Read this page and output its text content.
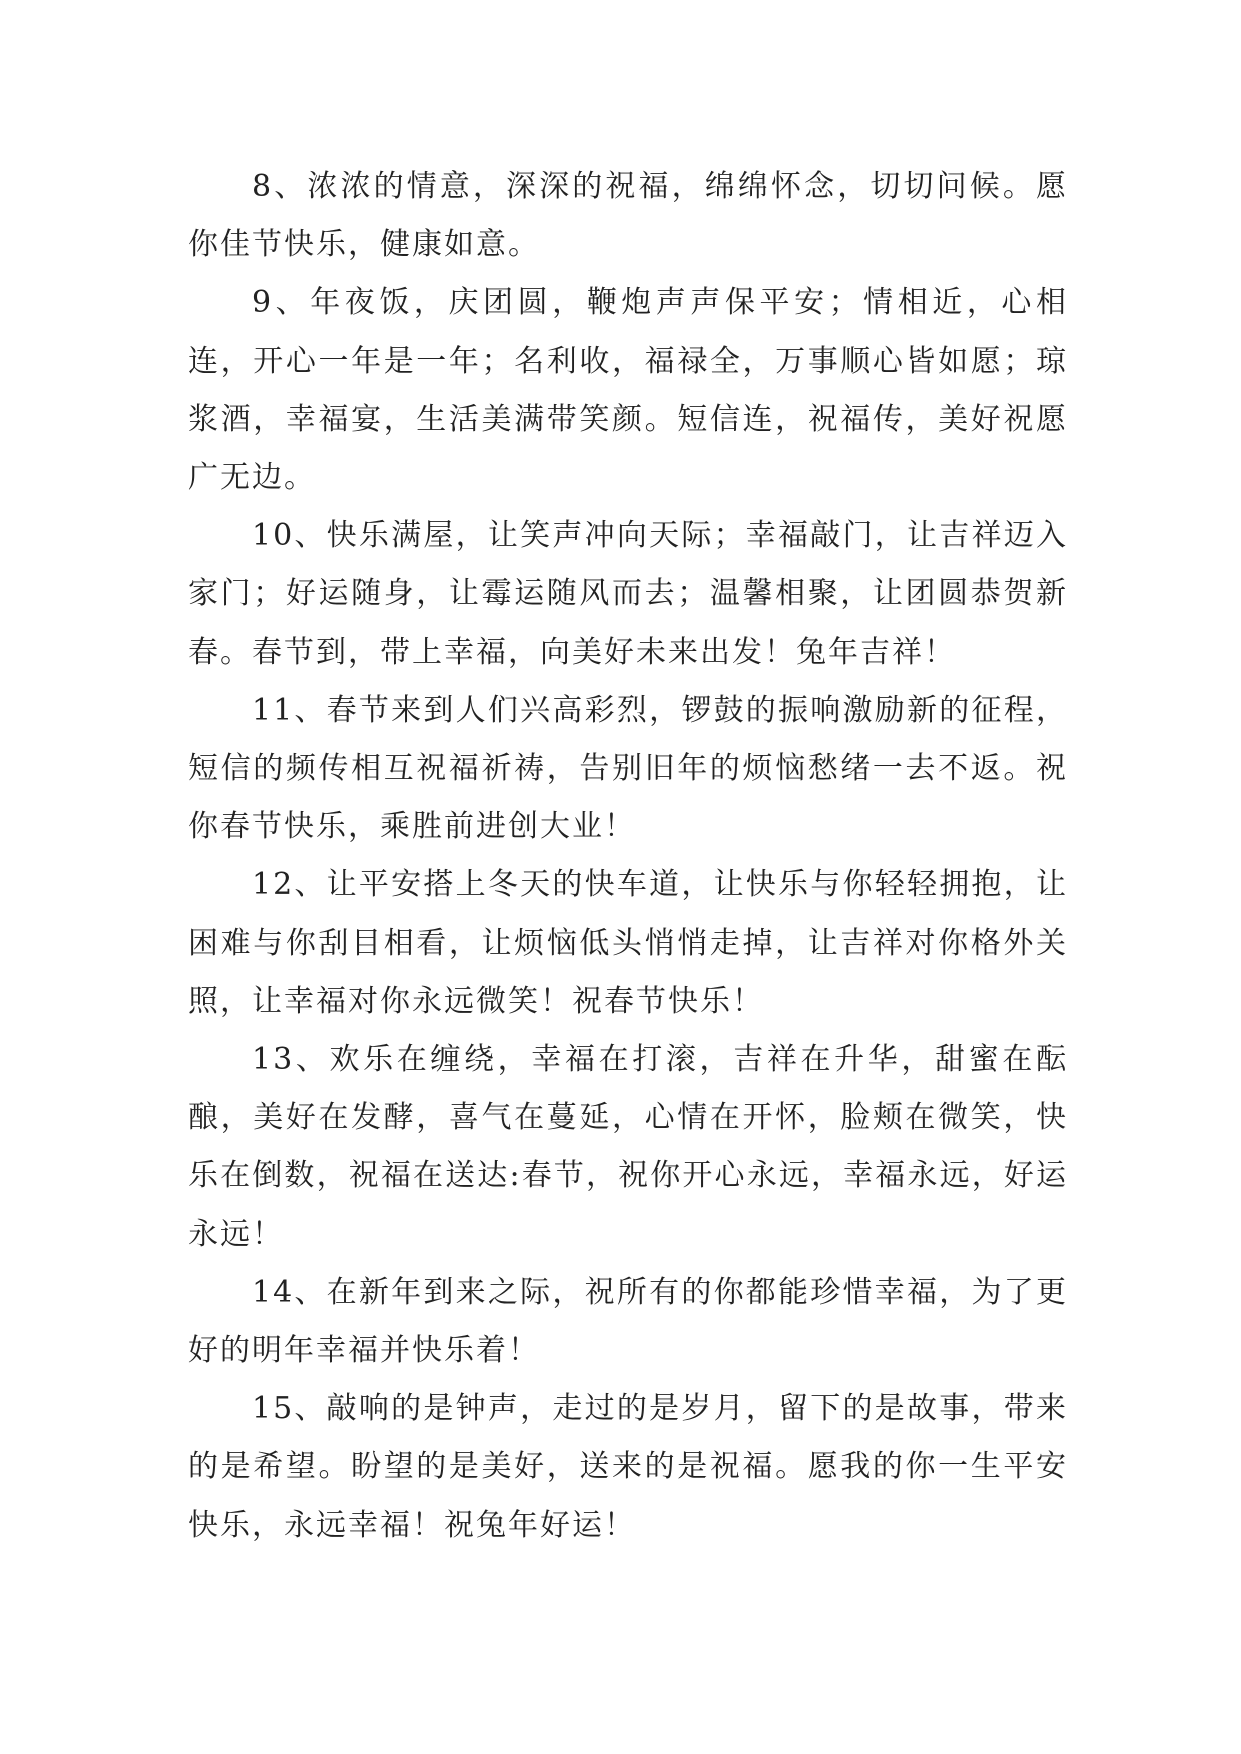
8、浓浓的情意，深深的祝福，绵绵怀念，切切问候。愿你佳节快乐，健康如意。

9、年夜饭，庆团圆，鞭炮声声保平安；情相近，心相连，开心一年是一年；名利收，福禄全，万事顺心皆如愿；琼浆酒，幸福宴，生活美满带笑颜。短信连，祝福传，美好祝愿广无边。

10、快乐满屋，让笑声冲向天际；幸福敲门，让吉祥迈入家门；好运随身，让霉运随风而去；温馨相聚，让团圆恭贺新春。春节到，带上幸福，向美好未来出发！兔年吉祥！

11、春节来到人们兴高彩烈，锣鼓的振响激励新的征程，短信的频传相互祝福祈祷，告别旧年的烦恼愁绪一去不返。祝你春节快乐，乘胜前进创大业！

12、让平安搭上冬天的快车道，让快乐与你轻轻拥抱，让困难与你刮目相看，让烦恼低头悄悄走掉，让吉祥对你格外关照，让幸福对你永远微笑！祝春节快乐！

13、欢乐在缠绕，幸福在打滚，吉祥在升华，甜蜜在酝酿，美好在发酵，喜气在蔓延，心情在开怀，脸颊在微笑，快乐在倒数，祝福在送达:春节，祝你开心永远，幸福永远，好运永远！

14、在新年到来之际，祝所有的你都能珍惜幸福，为了更好的明年幸福并快乐着！

15、敲响的是钟声，走过的是岁月，留下的是故事，带来的是希望。盼望的是美好，送来的是祝福。愿我的你一生平安快乐，永远幸福！祝兔年好运！
